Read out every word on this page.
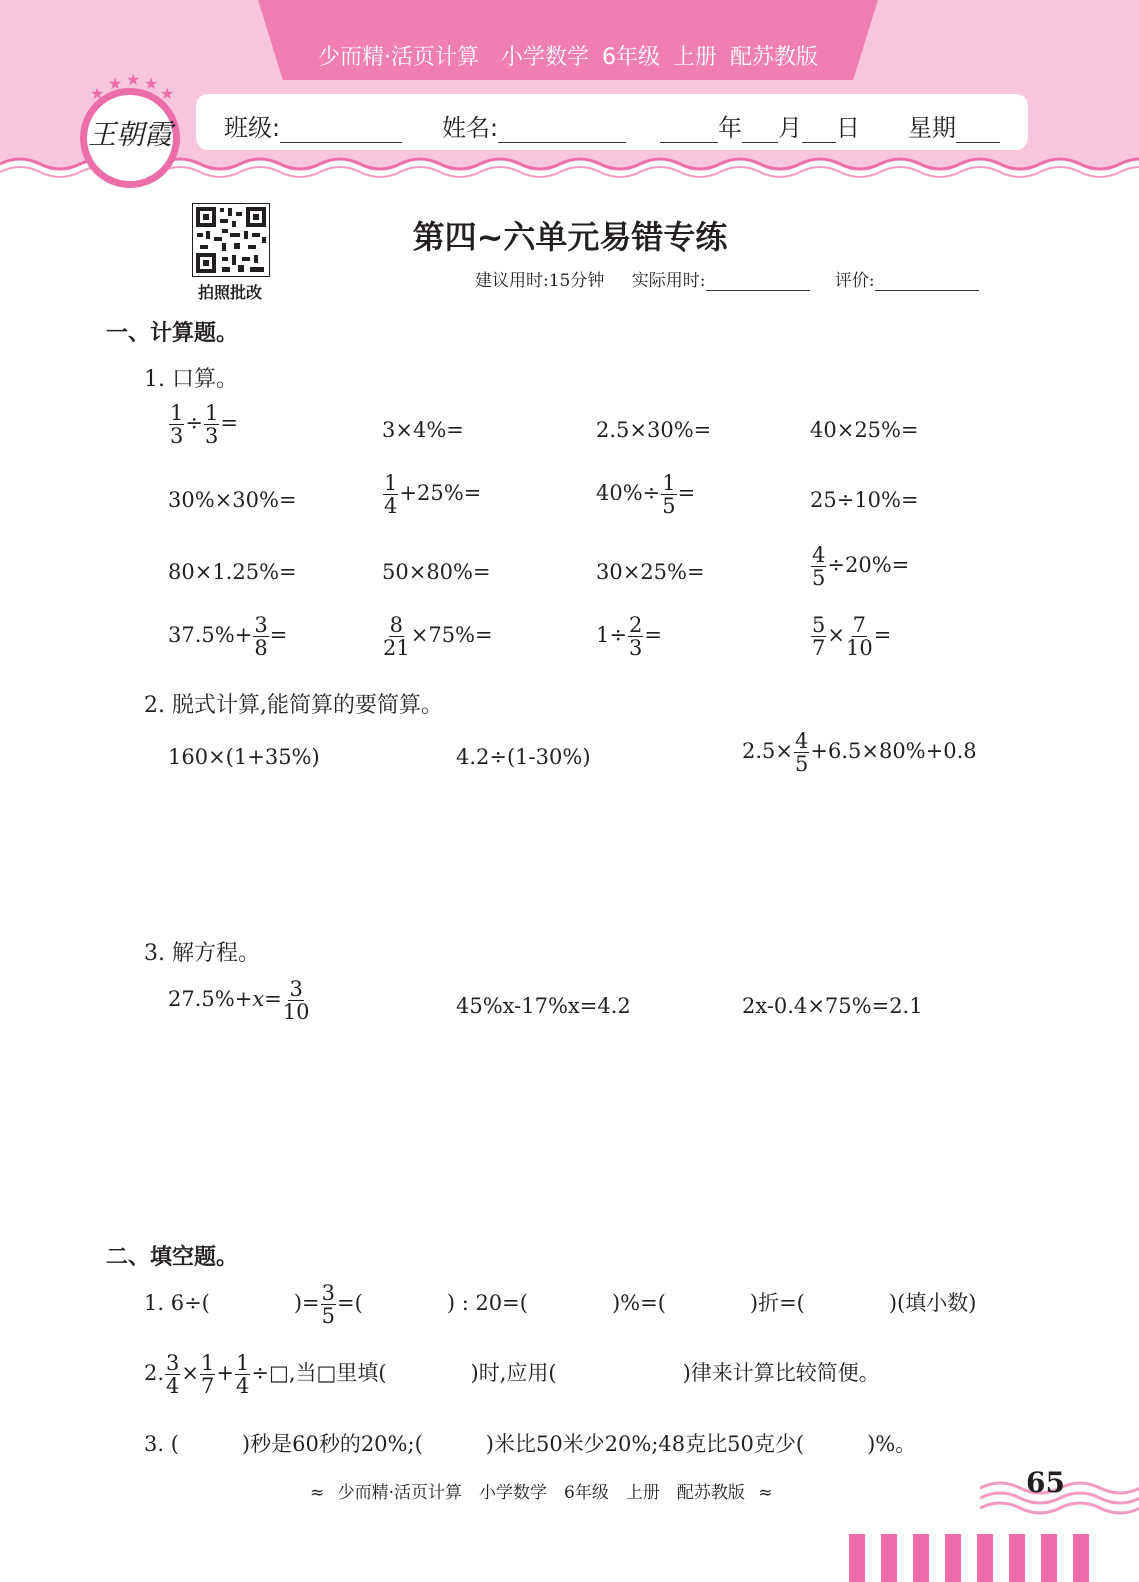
少而精·活页计算　小学数学 6年级 上册 配苏教版
班级:	姓名:	年 月 日 星期
★
★ ★ ★
★
王朝霞
拍照批改
第四~六单元易错专练
建议用时:15分钟 实际用时:	评价:
一、计算题。
1. 口算。
$\frac{1}{3} \div \frac{1}{3}$ =	3×4%=	2.5×30%=	40×25%=
30%×30%=	$\frac{1}{4} +25\%=$	$40\%\div \frac{1}{5}$ =	25÷10%=
80×1.25%=	50×80%=	30×25%=	$\frac{4}{5} \div 20\%=$
$37.5\%+ \frac{3}{8}$ =	$\frac{8}{21} \times 75\%=$	$1\div \frac{2}{3}$ =	$\frac{5}{7} \times \frac{7}{10}$ =
2. 脱式计算,能简算的要简算。
160×(1+35%)	4.2÷(1-30%)	$2.5\times \frac{4}{5} +6.5\times 80\%+0.8$
3. 解方程。
$27.5\%+x= \frac{3}{10}$	45%x-17%x=4.2	2x-0.4×75%=2.1
二、填空题。
1. 6÷(　　　　)= $\frac{3}{5}$ =(　　　　) : 20=(　　　　)%=(　　　　)折=(　　　　)(填小数)
2. $\frac{3}{4} \times \frac{1}{7} + \frac{1}{4}$ ÷□,当□里填(　　　　)时,应用(　　　　　　)律来计算比较简便。
3. (　　　)秒是60秒的20%;(　　　)米比50米少20%;48克比50克少(　　　)%。
≈ 少而精·活页计算　小学数学　6年级　上册　配苏教版 ≈	65
